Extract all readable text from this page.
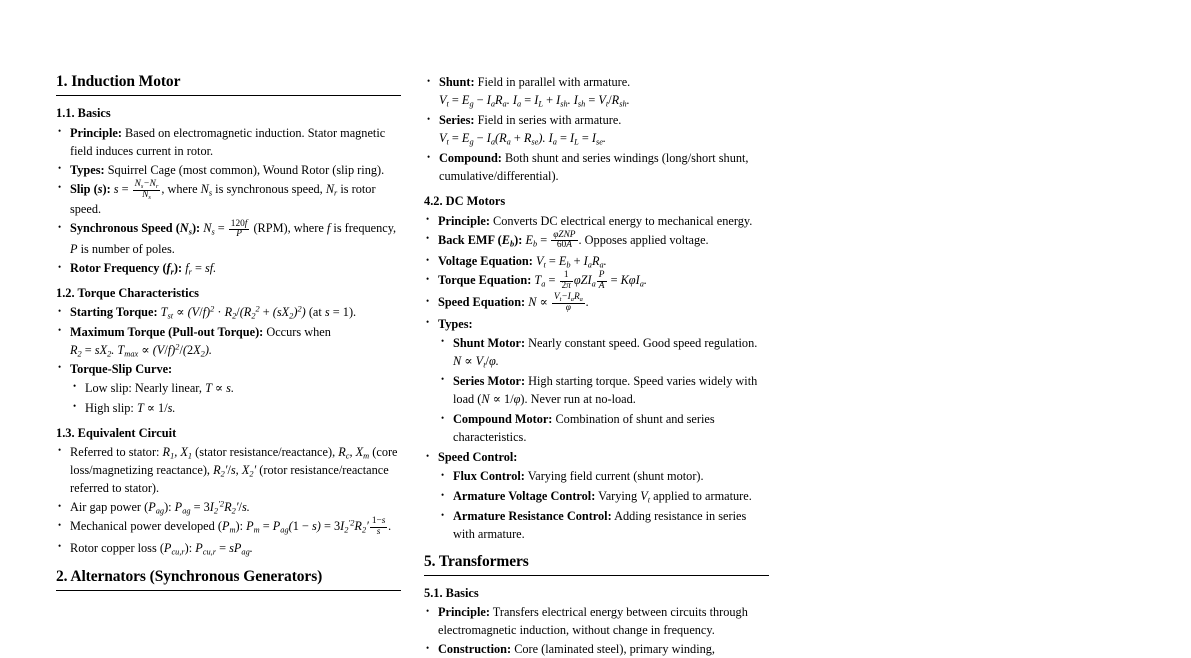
1. Induction Motor
1.1. Basics
• Principle: Based on electromagnetic induction. Stator magnetic field induces current in rotor.
• Types: Squirrel Cage (most common), Wound Rotor (slip ring).
• Slip (s): $s = \frac{N_s-N_r}{N_s}$ , where $N_s$ is synchronous speed, $N_r$ is rotor speed.
• Synchronous Speed $(N_s)$: $N_s = \frac{120f}{P} (RPM)$, where f is frequency, P is number of poles.
• Rotor Frequency $(f_r)$: $f_r$ = sf.
1.2. Torque Characteristics
• Starting Torque: $T_{st} \propto (V/f)^2 \cdot R_2/(R_2^2 + (sX_2)^2)$ (at s = 1).
• Maximum Torque (Pull-out Torque): Occurs when $R_2 = sX_2$. $T_{max} \propto (V/f)^2/(2X_2)$.
• Torque-Slip Curve:
• Low slip: Nearly linear, T ∝ s.
• High slip: T ∝ 1/s.
1.3. Equivalent Circuit
• Referred to stator: $R_1$, $X_1$ (stator resistance/reactance), $R_c$, $X_m$ (core loss/magnetizing reactance), $R_2'/s$, $X_2'$ (rotor resistance/reactance referred to stator).
• Air gap power $(P_{ag})$: $P_{ag} = 3I_2^{'2}R_2'/s$.
• Mechanical power developed $(P_m)$: $P_m = P_{ag}(1 - s) = 3I_2^{'2}R_2' \frac{1-s}{s}$ .
• Rotor copper loss $(P_{cu,r})$: $P_{cu,r} = sP_{ag}$.
2. Alternators (Synchronous Generators)
• Shunt: Field in parallel with armature. $V_t = E_g - I_aR_a$. $I_a = I_L + I_{sh}$. $I_{sh} = V_t/R_{sh}$.
• Series: Field in series with armature. $V_t = E_g - I_a(R_a + R_{se})$. $I_a = I_L = I_{se}$.
• Compound: Both shunt and series windings (long/short shunt, cumulative/differential).
4.2. DC Motors
• Principle: Converts DC electrical energy to mechanical energy.
• Back EMF $(E_b)$: $E_b = \frac{\text{φZNP}}{60A}$ . Opposes applied voltage.
• Voltage Equation: $V_t = E_b + I_aR_a$.
• Torque Equation: $T_a = \frac{1}{2\pi} \varphi ZI_a \frac{P}{A} = K\varphi I_a$.
• Speed Equation: $N \propto \frac{V_t-I_aR_a}{\varphi}$ .
• Types:
• Shunt Motor: Nearly constant speed. Good speed regulation. $N \propto V_t/\varphi$.
• Series Motor: High starting torque. Speed varies widely with load (N ∝ 1/φ). Never run at no-load.
• Compound Motor: Combination of shunt and series characteristics.
• Speed Control:
• Flux Control: Varying field current (shunt motor).
• Armature Voltage Control: Varying $V_t$ applied to armature.
• Armature Resistance Control: Adding resistance in series with armature.
5. Transformers
5.1. Basics
• Principle: Transfers electrical energy between circuits through electromagnetic induction, without change in frequency.
• Construction: Core (laminated steel), primary winding,
